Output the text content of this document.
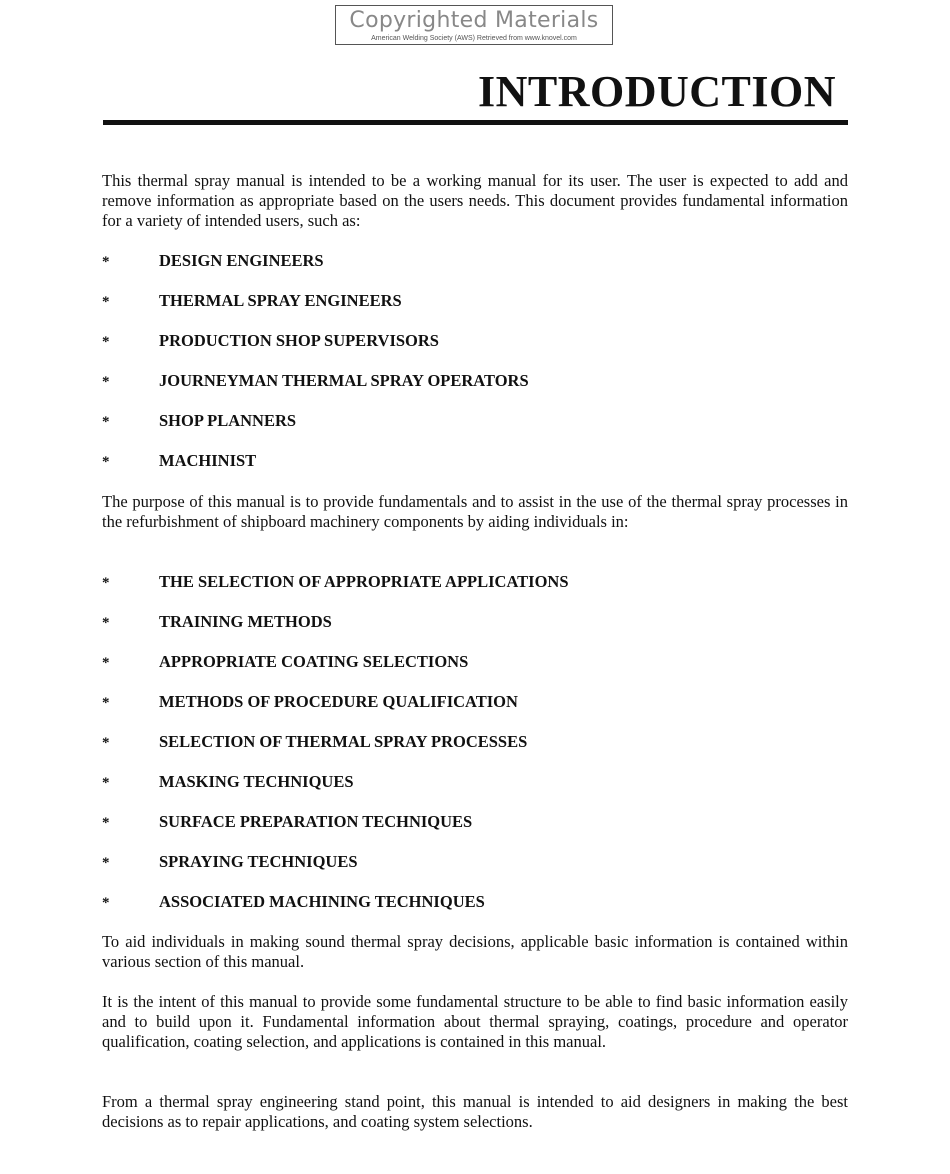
Copyrighted Materials
American Welding Society (AWS) Retrieved from www.knovel.com
INTRODUCTION

This thermal spray manual is intended to be a working manual for its user. The user is expected to add and remove information as appropriate based on the users needs. This document provides fundamental information for a variety of intended users, such as:

*	DESIGN ENGINEERS
*	THERMAL SPRAY ENGINEERS
*	PRODUCTION SHOP SUPERVISORS
*	JOURNEYMAN THERMAL SPRAY OPERATORS
*	SHOP PLANNERS
*	MACHINIST

The purpose of this manual is to provide fundamentals and to assist in the use of the thermal spray processes in the refurbishment of shipboard machinery components by aiding individuals in:

*	THE SELECTION OF APPROPRIATE APPLICATIONS
*	TRAINING METHODS
*	APPROPRIATE COATING SELECTIONS
*	METHODS OF PROCEDURE QUALIFICATION
*	SELECTION OF THERMAL SPRAY PROCESSES
*	MASKING TECHNIQUES
*	SURFACE PREPARATION TECHNIQUES
*	SPRAYING TECHNIQUES
*	ASSOCIATED MACHINING TECHNIQUES

To aid individuals in making sound thermal spray decisions, applicable basic information is contained within various section of this manual.

It is the intent of this manual to provide some fundamental structure to be able to find basic information easily and to build upon it. Fundamental information about thermal spraying, coatings, procedure and operator qualification, coating selection, and applications is contained in this manual.

From a thermal spray engineering stand point, this manual is intended to aid designers in making the best decisions as to repair applications, and coating system selections.
